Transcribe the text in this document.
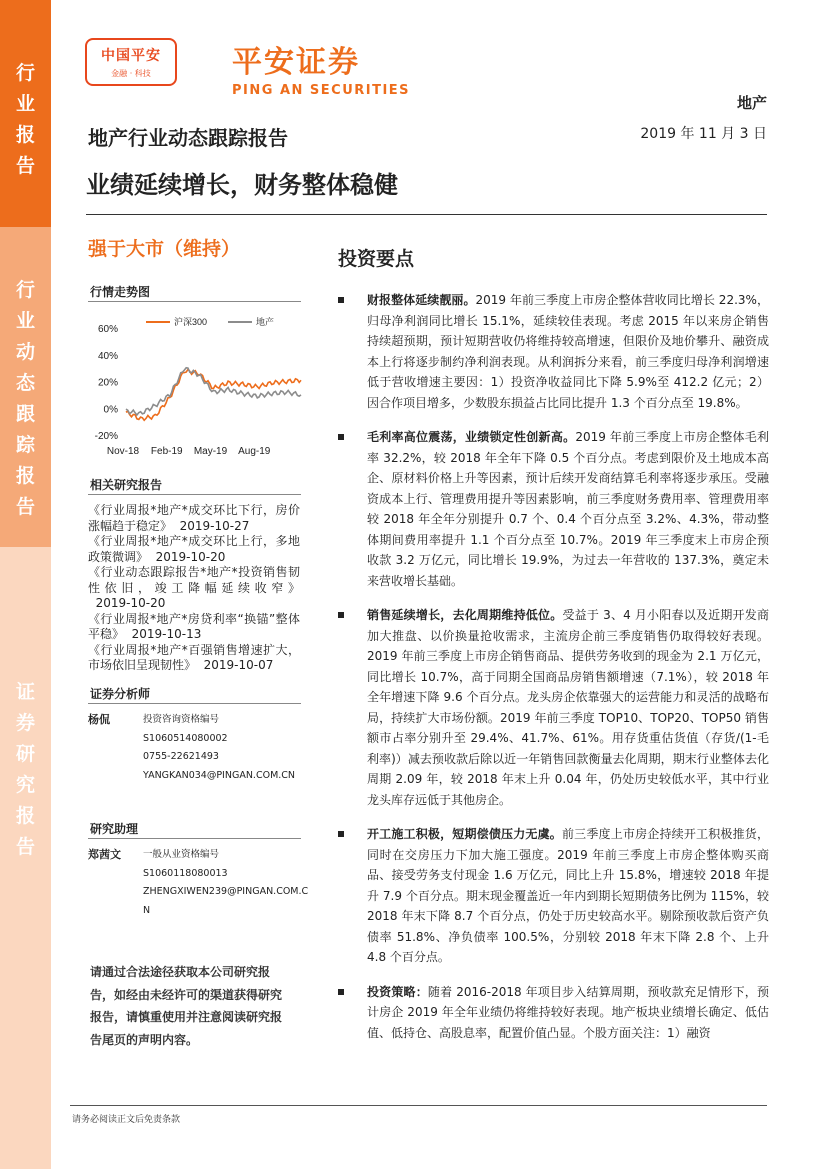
行
业
报
告
行
业
动
态
跟
踪
报
告
证
券
研
究
报
告
中国平安
金融 · 科技	平安证券
PING AN SECURITIES
地产
地产行业动态跟踪报告	2019 年 11 月 3 日
业绩延续增长，财务整体稳健
强于大市（维持）
行情走势图
沪深300	地产
60%
40%
20%
0%
-20%
Nov-18 Feb-19 May-19 Aug-19
相关研究报告
《行业周报*地产*成交环比下行，房价涨幅趋于稳定》  2019-10-27
《行业周报*地产*成交环比上行，多地政策微调》  2019-10-20
《行业动态跟踪报告*地产*投资销售韧性依旧，竣工降幅延续收窄》  2019-10-20
《行业周报*地产*房贷利率“换锚”整体平稳》  2019-10-13
《行业周报*地产*百强销售增速扩大，市场依旧呈现韧性》  2019-10-07
证券分析师
杨侃	投资咨询资格编号
S1060514080002
0755-22621493
YANGKAN034@PINGAN.COM.CN
研究助理
郑茜文	一般从业资格编号
S1060118080013
ZHENGXIWEN239@PINGAN.COM.C
N
请通过合法途径获取本公司研究报告，如经由未经许可的渠道获得研究报告，请慎重使用并注意阅读研究报告尾页的声明内容。
投资要点
财报整体延续靓丽。2019 年前三季度上市房企整体营收同比增长 22.3%，归母净利润同比增长 15.1%，延续较佳表现。考虑 2015 年以来房企销售持续超预期，预计短期营收仍将维持较高增速，但限价及地价攀升、融资成本上行将逐步制约净利润表现。从利润拆分来看，前三季度归母净利润增速低于营收增速主要因：1）投资净收益同比下降 5.9%至 412.2 亿元；2）因合作项目增多，少数股东损益占比同比提升 1.3 个百分点至 19.8%。
毛利率高位震荡，业绩锁定性创新高。2019 年前三季度上市房企整体毛利率 32.2%，较 2018 年全年下降 0.5 个百分点。考虑到限价及土地成本高企、原材料价格上升等因素，预计后续开发商结算毛利率将逐步承压。受融资成本上行、管理费用提升等因素影响，前三季度财务费用率、管理费用率较 2018 年全年分别提升 0.7 个、0.4 个百分点至 3.2%、4.3%，带动整体期间费用率提升 1.1 个百分点至 10.7%。2019 年三季度末上市房企预收款 3.2 万亿元，同比增长 19.9%，为过去一年营收的 137.3%，奠定未来营收增长基础。
销售延续增长，去化周期维持低位。受益于 3、4 月小阳春以及近期开发商加大推盘、以价换量抢收需求，主流房企前三季度销售仍取得较好表现。2019 年前三季度上市房企销售商品、提供劳务收到的现金为 2.1 万亿元，同比增长 10.7%，高于同期全国商品房销售额增速（7.1%），较 2018 年全年增速下降 9.6 个百分点。龙头房企依靠强大的运营能力和灵活的战略布局，持续扩大市场份额。2019 年前三季度 TOP10、TOP20、TOP50 销售额市占率分别升至 29.4%、41.7%、61%。用存货重估货值（存货/(1-毛利率)）减去预收款后除以近一年销售回款衡量去化周期，期末行业整体去化周期 2.09 年，较 2018 年末上升 0.04 年，仍处历史较低水平，其中行业龙头库存远低于其他房企。
开工施工积极，短期偿债压力无虞。前三季度上市房企持续开工积极推货，同时在交房压力下加大施工强度。2019 年前三季度上市房企整体购买商品、接受劳务支付现金 1.6 万亿元，同比上升 15.8%，增速较 2018 年提升 7.9 个百分点。期末现金覆盖近一年内到期长短期债务比例为 115%，较 2018 年末下降 8.7 个百分点，仍处于历史较高水平。剔除预收款后资产负债率 51.8%、净负债率 100.5%，分别较 2018 年末下降 2.8 个、上升 4.8 个百分点。
投资策略：随着 2016-2018 年项目步入结算周期，预收款充足情形下，预计房企 2019 年全年业绩仍将维持较好表现。地产板块业绩增长确定、低估值、低持仓、高股息率，配置价值凸显。个股方面关注：1）融资
请务必阅读正文后免责条款
